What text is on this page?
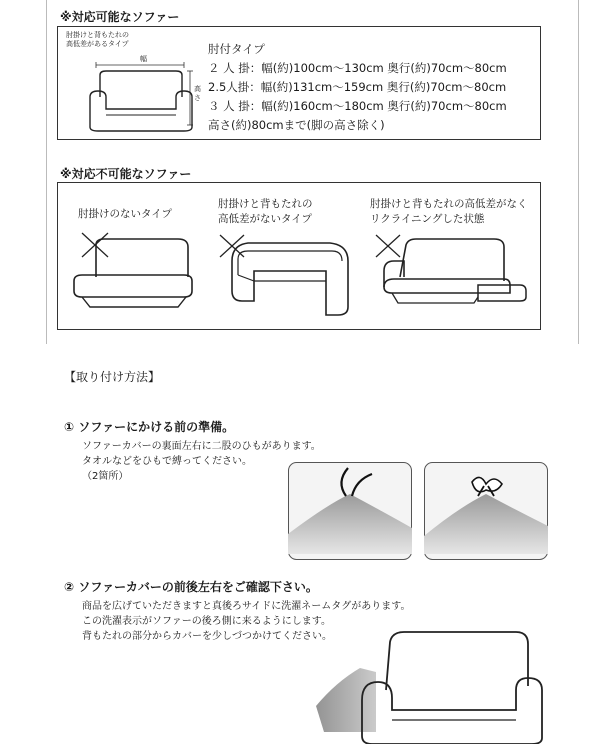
※対応可能なソファー
肘掛けと背もたれの
高低差があるタイプ
幅
高さ
肘付タイプ
２ 人 掛：幅(約)100cm〜130cm 奥行(約)70cm〜80cm
2.5人掛：幅(約)131cm〜159cm 奥行(約)70cm〜80cm
３ 人 掛：幅(約)160cm〜180cm 奥行(約)70cm〜80cm
高さ(約)80cmまで(脚の高さ除く)
※対応不可能なソファー
肘掛けのないタイプ
肘掛けと背もたれの
高低差がないタイプ
肘掛けと背もたれの高低差がなく
リクライニングした状態
【取り付け方法】
① ソファーにかける前の準備。
ソファーカバーの裏面左右に二股のひもがあります。
タオルなどをひもで縛ってください。
（2箇所）
② ソファーカバーの前後左右をご確認下さい。
商品を広げていただきますと真後ろサイドに洗濯ネームタグがあります。
この洗濯表示がソファーの後ろ側に来るようにします。
背もたれの部分からカバーを少しづつかけてください。
